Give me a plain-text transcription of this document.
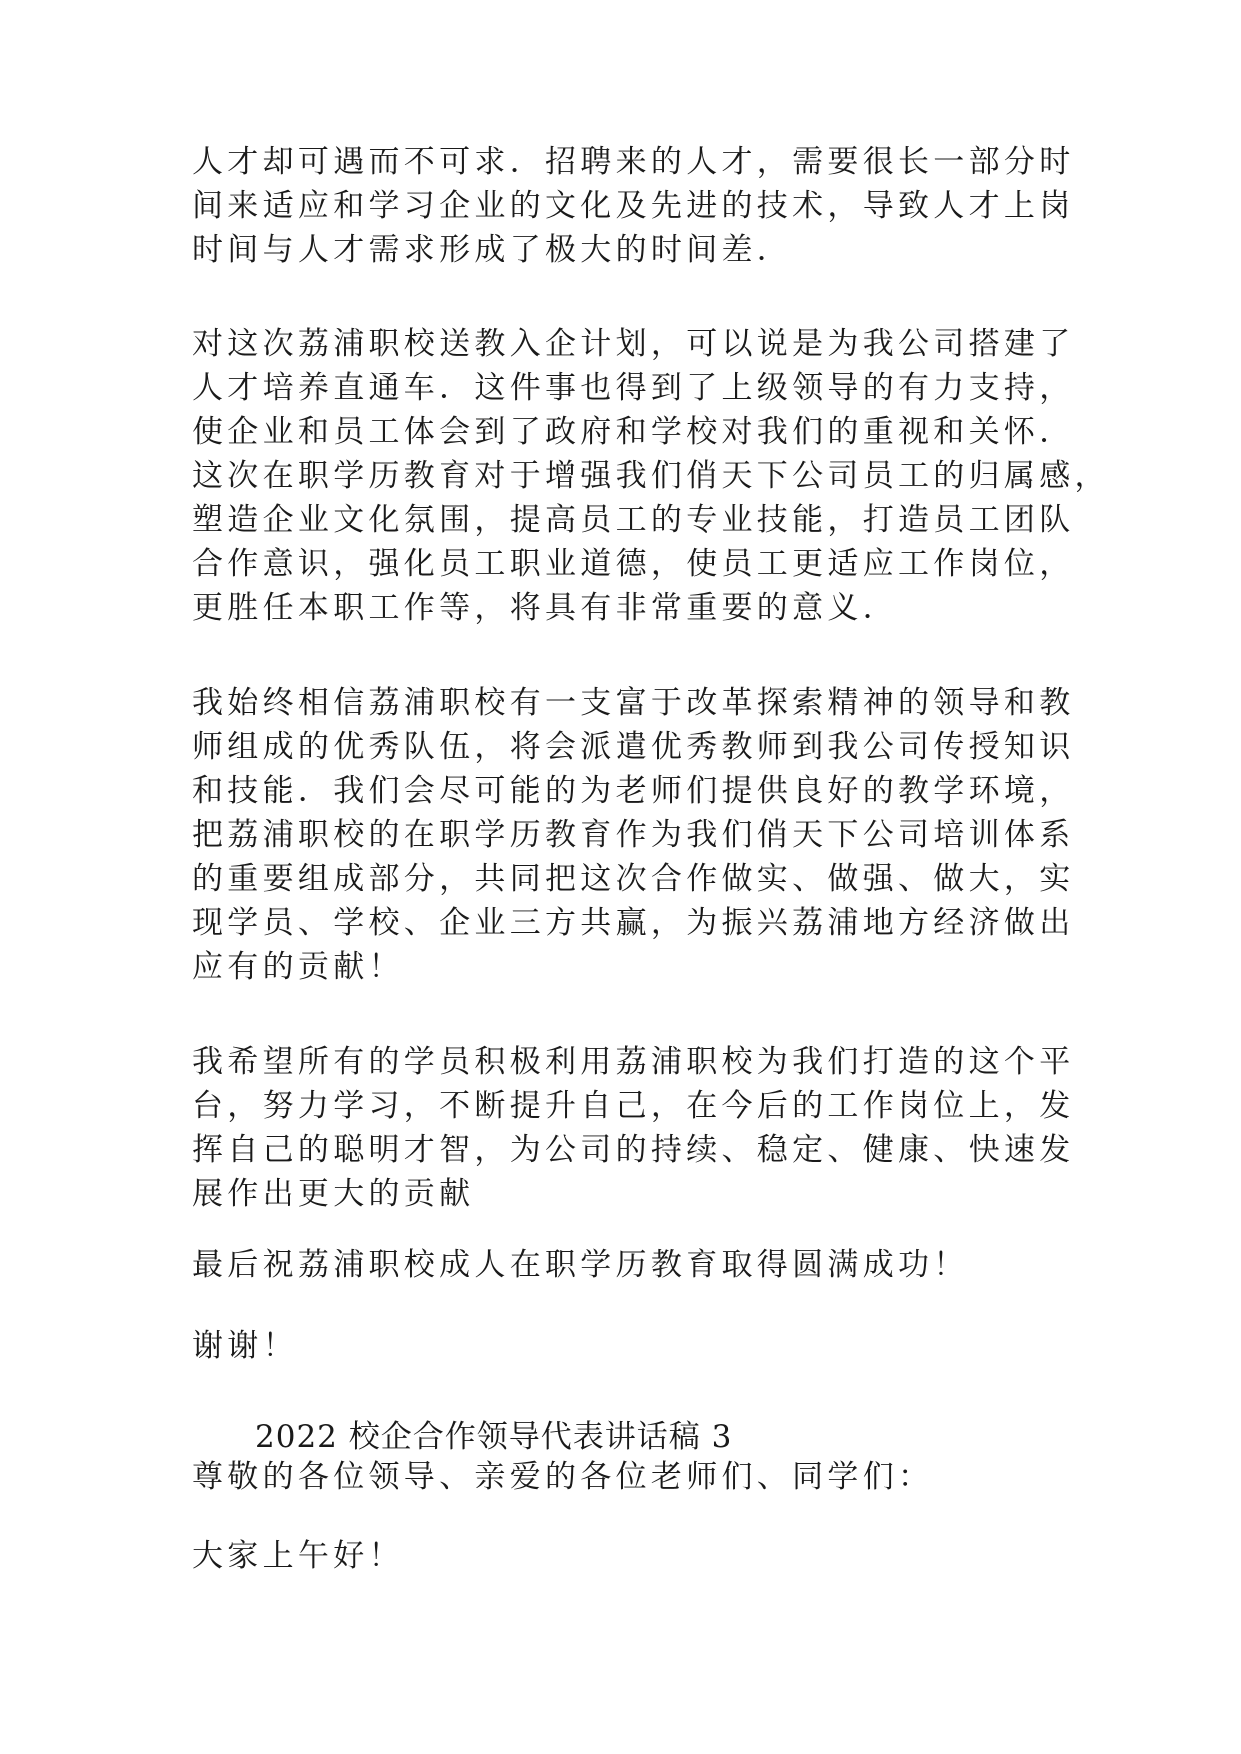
人才却可遇而不可求．招聘来的人才，需要很长一部分时
间来适应和学习企业的文化及先进的技术，导致人才上岗
时间与人才需求形成了极大的时间差．
对这次荔浦职校送教入企计划，可以说是为我公司搭建了
人才培养直通车．这件事也得到了上级领导的有力支持，
使企业和员工体会到了政府和学校对我们的重视和关怀．
这次在职学历教育对于增强我们俏天下公司员工的归属感，
塑造企业文化氛围，提高员工的专业技能，打造员工团队
合作意识，强化员工职业道德，使员工更适应工作岗位，
更胜任本职工作等，将具有非常重要的意义．
我始终相信荔浦职校有一支富于改革探索精神的领导和教
师组成的优秀队伍，将会派遣优秀教师到我公司传授知识
和技能．我们会尽可能的为老师们提供良好的教学环境，
把荔浦职校的在职学历教育作为我们俏天下公司培训体系
的重要组成部分，共同把这次合作做实、做强、做大，实
现学员、学校、企业三方共赢，为振兴荔浦地方经济做出
应有的贡献！
我希望所有的学员积极利用荔浦职校为我们打造的这个平
台，努力学习，不断提升自己，在今后的工作岗位上，发
挥自己的聪明才智，为公司的持续、稳定、健康、快速发
展作出更大的贡献
最后祝荔浦职校成人在职学历教育取得圆满成功！
谢谢！
2022 校企合作领导代表讲话稿 3
尊敬的各位领导、亲爱的各位老师们、同学们：
大家上午好！
